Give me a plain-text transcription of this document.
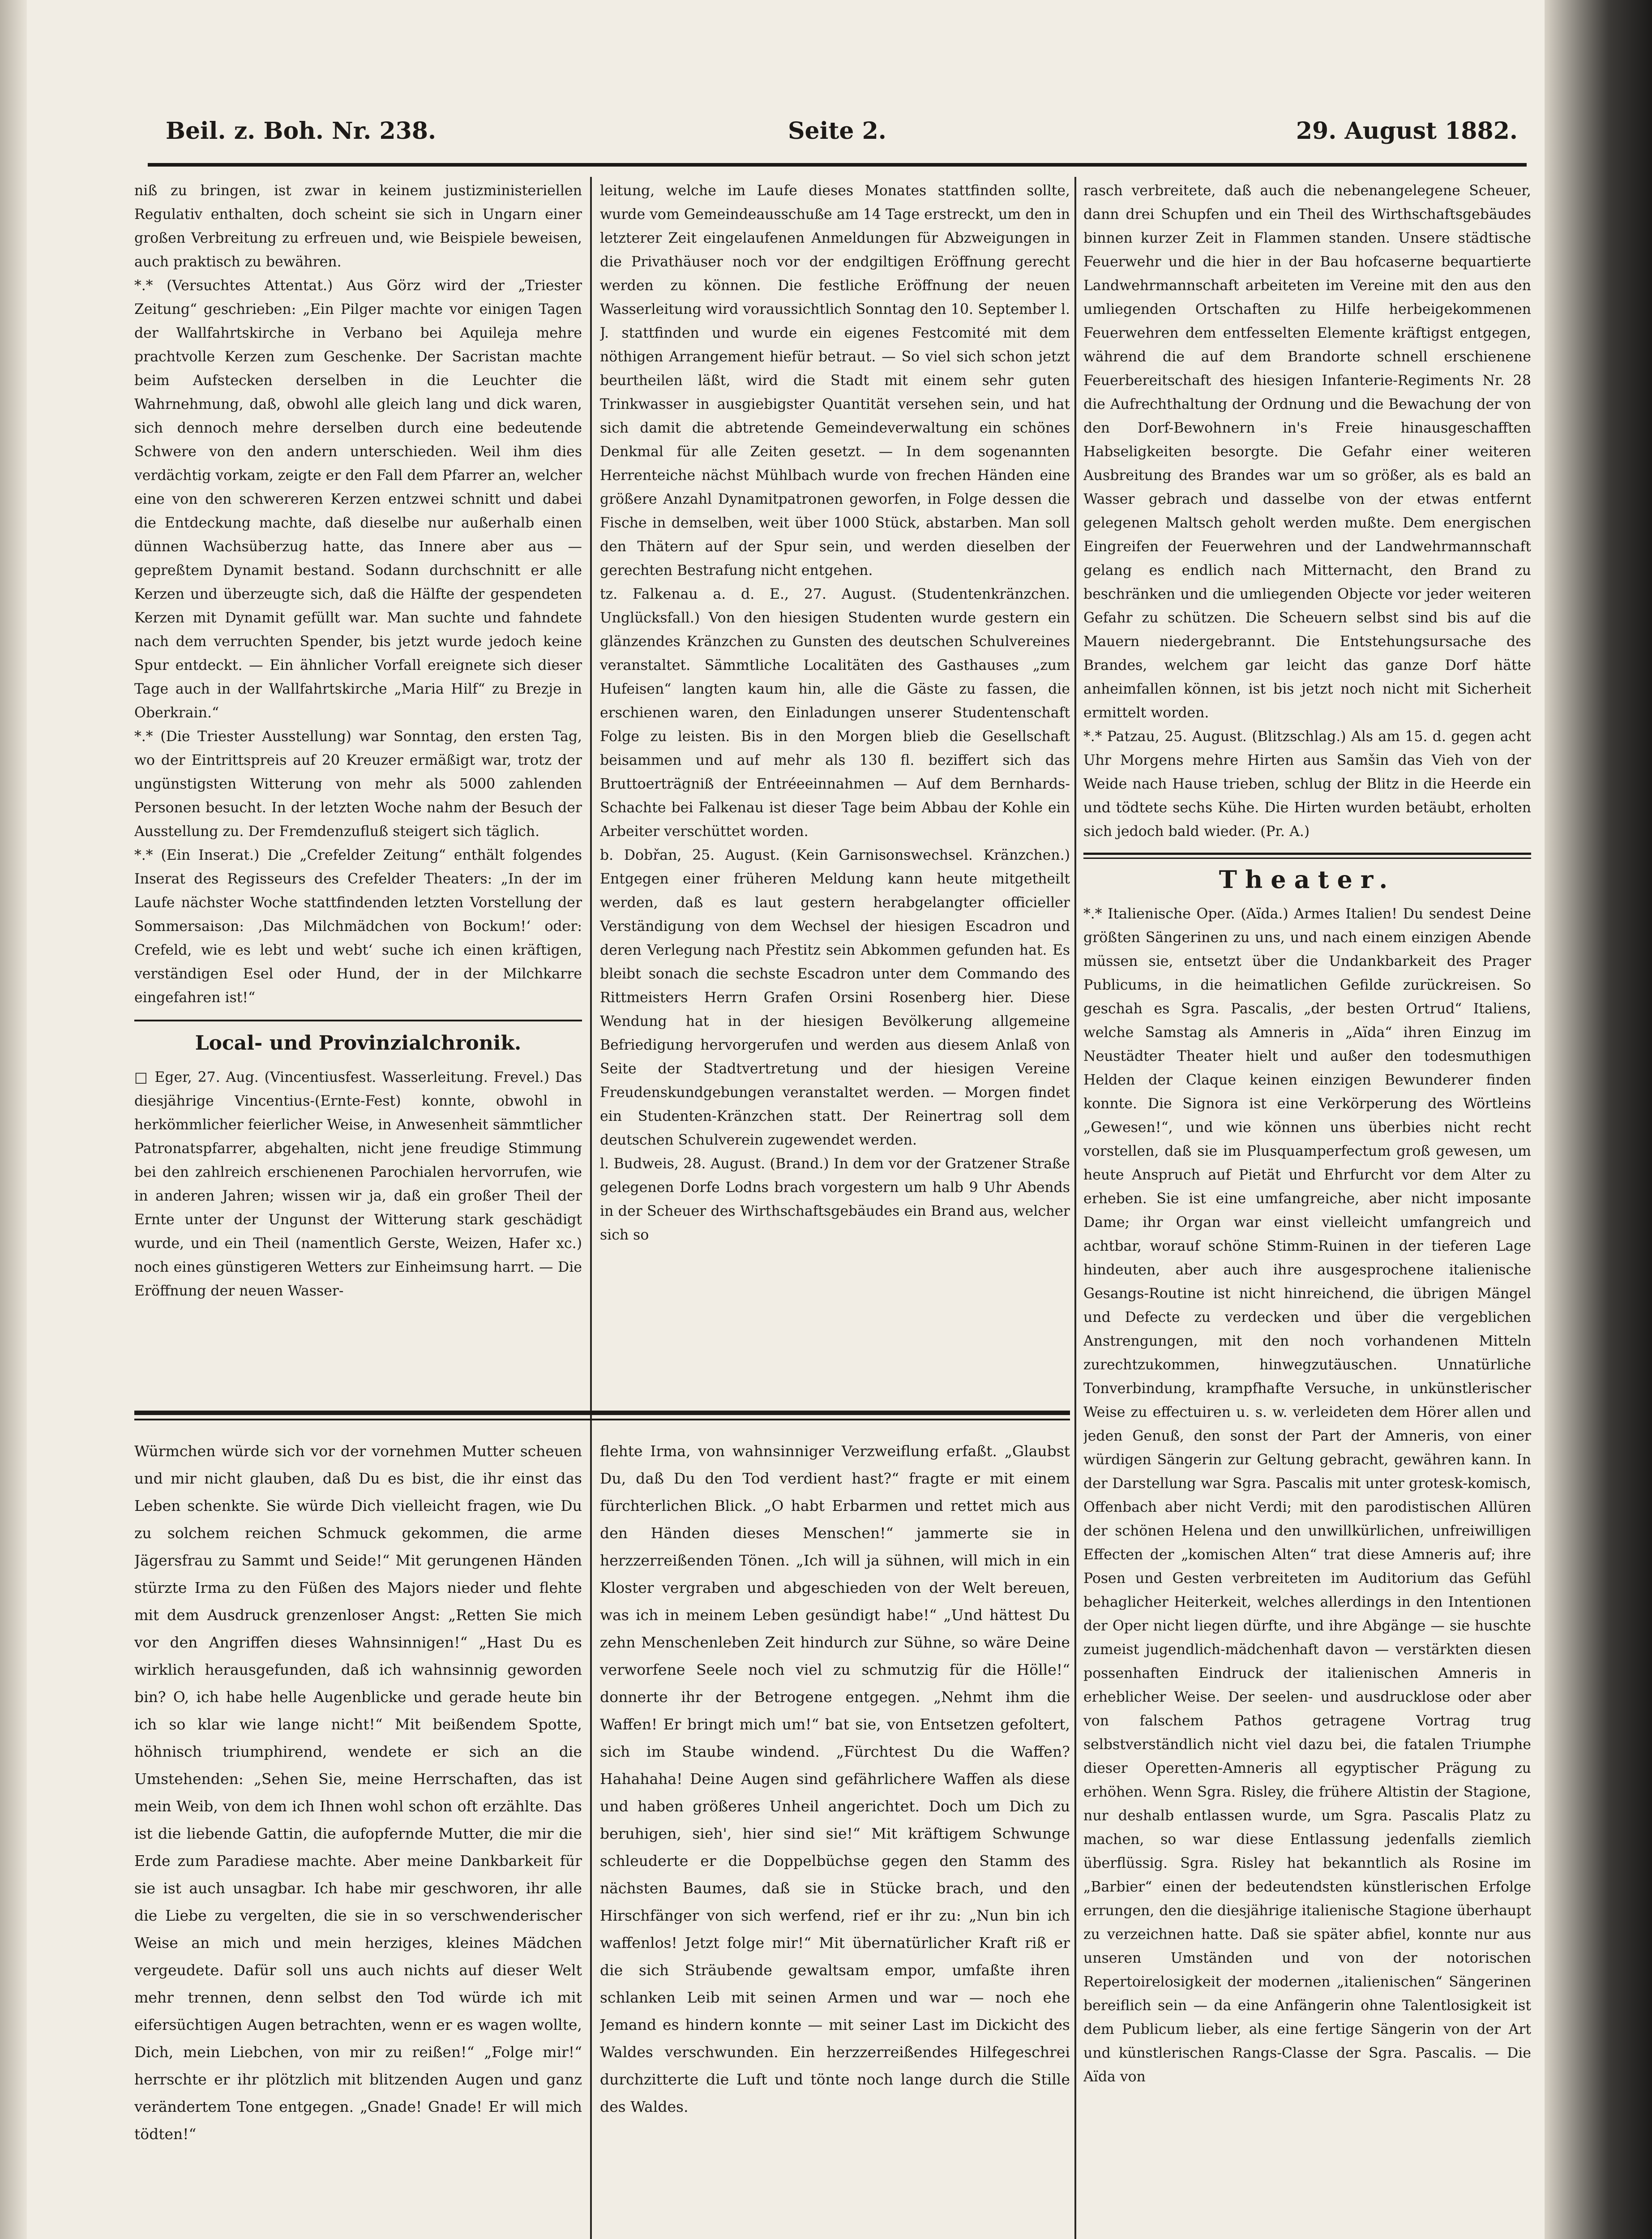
Beil. z. Boh. Nr. 238.	Seite 2.	29. August 1882.

niß zu bringen, ist zwar in keinem justizministeriellen Regulativ enthalten, doch scheint sie sich in Ungarn einer großen Verbreitung zu erfreuen und, wie Beispiele beweisen, auch praktisch zu bewähren.

*.* (Versuchtes Attentat.) Aus Görz wird der „Triester Zeitung“ geschrieben: „Ein Pilger machte vor einigen Tagen der Wallfahrtskirche in Verbano bei Aquileja mehre prachtvolle Kerzen zum Geschenke. Der Sacristan machte beim Aufstecken derselben in die Leuchter die Wahrnehmung, daß, obwohl alle gleich lang und dick waren, sich dennoch mehre derselben durch eine bedeutende Schwere von den andern unterschieden. Weil ihm dies verdächtig vorkam, zeigte er den Fall dem Pfarrer an, welcher eine von den schwereren Kerzen entzwei schnitt und dabei die Entdeckung machte, daß dieselbe nur außerhalb einen dünnen Wachsüberzug hatte, das Innere aber aus — gepreßtem Dynamit bestand. Sodann durchschnitt er alle Kerzen und überzeugte sich, daß die Hälfte der gespendeten Kerzen mit Dynamit gefüllt war. Man suchte und fahndete nach dem verruchten Spender, bis jetzt wurde jedoch keine Spur entdeckt. — Ein ähnlicher Vorfall ereignete sich dieser Tage auch in der Wallfahrtskirche „Maria Hilf“ zu Brezje in Oberkrain.“

*.* (Die Triester Ausstellung) war Sonntag, den ersten Tag, wo der Eintrittspreis auf 20 Kreuzer ermäßigt war, trotz der ungünstigsten Witterung von mehr als 5000 zahlenden Personen besucht. In der letzten Woche nahm der Besuch der Ausstellung zu. Der Fremdenzufluß steigert sich täglich.

*.* (Ein Inserat.) Die „Crefelder Zeitung“ enthält folgendes Inserat des Regisseurs des Crefelder Theaters: „In der im Laufe nächster Woche stattfindenden letzten Vorstellung der Sommersaison: ‚Das Milchmädchen von Bockum!‘ oder: Crefeld, wie es lebt und webt‘ suche ich einen kräftigen, verständigen Esel oder Hund, der in der Milchkarre eingefahren ist!“

Local- und Provinzialchronik.

□ Eger, 27. Aug. (Vincentiusfest. Wasserleitung. Frevel.) Das diesjährige Vincentius-(Ernte-Fest) konnte, obwohl in herkömmlicher feierlicher Weise, in Anwesenheit sämmtlicher Patronatspfarrer, abgehalten, nicht jene freudige Stimmung bei den zahlreich erschienenen Parochialen hervorrufen, wie in anderen Jahren; wissen wir ja, daß ein großer Theil der Ernte unter der Ungunst der Witterung stark geschädigt wurde, und ein Theil (namentlich Gerste, Weizen, Hafer xc.) noch eines günstigeren Wetters zur Einheimsung harrt. — Die Eröffnung der neuen Wasser-

leitung, welche im Laufe dieses Monates stattfinden sollte, wurde vom Gemeindeausschuße am 14 Tage erstreckt, um den in letzterer Zeit eingelaufenen Anmeldungen für Abzweigungen in die Privathäuser noch vor der endgiltigen Eröffnung gerecht werden zu können. Die festliche Eröffnung der neuen Wasserleitung wird voraussichtlich Sonntag den 10. September l. J. stattfinden und wurde ein eigenes Festcomité mit dem nöthigen Arrangement hiefür betraut. — So viel sich schon jetzt beurtheilen läßt, wird die Stadt mit einem sehr guten Trinkwasser in ausgiebigster Quantität versehen sein, und hat sich damit die abtretende Gemeindeverwaltung ein schönes Denkmal für alle Zeiten gesetzt. — In dem sogenannten Herrenteiche nächst Mühlbach wurde von frechen Händen eine größere Anzahl Dynamitpatronen geworfen, in Folge dessen die Fische in demselben, weit über 1000 Stück, abstarben. Man soll den Thätern auf der Spur sein, und werden dieselben der gerechten Bestrafung nicht entgehen.

tz. Falkenau a. d. E., 27. August. (Studentenkränzchen. Unglücksfall.) Von den hiesigen Studenten wurde gestern ein glänzendes Kränzchen zu Gunsten des deutschen Schulvereines veranstaltet. Sämmtliche Localitäten des Gasthauses „zum Hufeisen“ langten kaum hin, alle die Gäste zu fassen, die erschienen waren, den Einladungen unserer Studentenschaft Folge zu leisten. Bis in den Morgen blieb die Gesellschaft beisammen und auf mehr als 130 fl. beziffert sich das Bruttoerträgniß der Entréeeinnahmen — Auf dem Bernhards-Schachte bei Falkenau ist dieser Tage beim Abbau der Kohle ein Arbeiter verschüttet worden.

b. Dobřan, 25. August. (Kein Garnisonswechsel. Kränzchen.) Entgegen einer früheren Meldung kann heute mitgetheilt werden, daß es laut gestern herabgelangter officieller Verständigung von dem Wechsel der hiesigen Escadron und deren Verlegung nach Přestitz sein Abkommen gefunden hat. Es bleibt sonach die sechste Escadron unter dem Commando des Rittmeisters Herrn Grafen Orsini Rosenberg hier. Diese Wendung hat in der hiesigen Bevölkerung allgemeine Befriedigung hervorgerufen und werden aus diesem Anlaß von Seite der Stadtvertretung und der hiesigen Vereine Freudenskundgebungen veranstaltet werden. — Morgen findet ein Studenten-Kränzchen statt. Der Reinertrag soll dem deutschen Schulverein zugewendet werden.

l. Budweis, 28. August. (Brand.) In dem vor der Gratzener Straße gelegenen Dorfe Lodns brach vorgestern um halb 9 Uhr Abends in der Scheuer des Wirthschaftsgebäudes ein Brand aus, welcher sich so

rasch verbreitete, daß auch die nebenangelegene Scheuer, dann drei Schupfen und ein Theil des Wirthschaftsgebäudes binnen kurzer Zeit in Flammen standen. Unsere städtische Feuerwehr und die hier in der Bau hofcaserne bequartierte Landwehrmannschaft arbeiteten im Vereine mit den aus den umliegenden Ortschaften zu Hilfe herbeigekommenen Feuerwehren dem entfesselten Elemente kräftigst entgegen, während die auf dem Brandorte schnell erschienene Feuerbereitschaft des hiesigen Infanterie-Regiments Nr. 28 die Aufrechthaltung der Ordnung und die Bewachung der von den Dorf-Bewohnern in's Freie hinausgeschafften Habseligkeiten besorgte. Die Gefahr einer weiteren Ausbreitung des Brandes war um so größer, als es bald an Wasser gebrach und dasselbe von der etwas entfernt gelegenen Maltsch geholt werden mußte. Dem energischen Eingreifen der Feuerwehren und der Landwehrmannschaft gelang es endlich nach Mitternacht, den Brand zu beschränken und die umliegenden Objecte vor jeder weiteren Gefahr zu schützen. Die Scheuern selbst sind bis auf die Mauern niedergebrannt. Die Entstehungsursache des Brandes, welchem gar leicht das ganze Dorf hätte anheimfallen können, ist bis jetzt noch nicht mit Sicherheit ermittelt worden.

*.* Patzau, 25. August. (Blitzschlag.) Als am 15. d. gegen acht Uhr Morgens mehre Hirten aus Samšin das Vieh von der Weide nach Hause trieben, schlug der Blitz in die Heerde ein und tödtete sechs Kühe. Die Hirten wurden betäubt, erholten sich jedoch bald wieder. (Pr. A.)

Theater.

*.* Italienische Oper. (Aïda.) Armes Italien! Du sendest Deine größten Sängerinen zu uns, und nach einem einzigen Abende müssen sie, entsetzt über die Undankbarkeit des Prager Publicums, in die heimatlichen Gefilde zurückreisen. So geschah es Sgra. Pascalis, „der besten Ortrud“ Italiens, welche Samstag als Amneris in „Aïda“ ihren Einzug im Neustädter Theater hielt und außer den todesmuthigen Helden der Claque keinen einzigen Bewunderer finden konnte. Die Signora ist eine Verkörperung des Wörtleins „Gewesen!“, und wie können uns überbies nicht recht vorstellen, daß sie im Plusquamperfectum groß gewesen, um heute Anspruch auf Pietät und Ehrfurcht vor dem Alter zu erheben. Sie ist eine umfangreiche, aber nicht imposante Dame; ihr Organ war einst vielleicht umfangreich und achtbar, worauf schöne Stimm-Ruinen in der tieferen Lage hindeuten, aber auch ihre ausgesprochene italienische Gesangs-Routine ist nicht hinreichend, die übrigen Mängel und Defecte zu verdecken und über die vergeblichen Anstrengungen, mit den noch vorhandenen Mitteln zurechtzukommen, hinwegzutäuschen. Unnatürliche Tonverbindung, krampfhafte Versuche, in unkünstlerischer Weise zu effectuiren u. s. w. verleideten dem Hörer allen und jeden Genuß, den sonst der Part der Amneris, von einer würdigen Sängerin zur Geltung gebracht, gewähren kann. In der Darstellung war Sgra. Pascalis mit unter grotesk-komisch, Offenbach aber nicht Verdi; mit den parodistischen Allüren der schönen Helena und den unwillkürlichen, unfreiwilligen Effecten der „komischen Alten“ trat diese Amneris auf; ihre Posen und Gesten verbreiteten im Auditorium das Gefühl behaglicher Heiterkeit, welches allerdings in den Intentionen der Oper nicht liegen dürfte, und ihre Abgänge — sie huschte zumeist jugendlich-mädchenhaft davon — verstärkten diesen possenhaften Eindruck der italienischen Amneris in erheblicher Weise. Der seelen- und ausdrucklose oder aber von falschem Pathos getragene Vortrag trug selbstverständlich nicht viel dazu bei, die fatalen Triumphe dieser Operetten-Amneris all egyptischer Prägung zu erhöhen. Wenn Sgra. Risley, die frühere Altistin der Stagione, nur deshalb entlassen wurde, um Sgra. Pascalis Platz zu machen, so war diese Entlassung jedenfalls ziemlich überflüssig. Sgra. Risley hat bekanntlich als Rosine im „Barbier“ einen der bedeutendsten künstlerischen Erfolge errungen, den die diesjährige italienische Stagione überhaupt zu verzeichnen hatte. Daß sie später abfiel, konnte nur aus unseren Umständen und von der notorischen Repertoirelosigkeit der modernen „italienischen“ Sängerinen bereiflich sein — da eine Anfängerin ohne Talentlosigkeit ist dem Publicum lieber, als eine fertige Sängerin von der Art und künstlerischen Rangs-Classe der Sgra. Pascalis. — Die Aïda von

Würmchen würde sich vor der vornehmen Mutter scheuen und mir nicht glauben, daß Du es bist, die ihr einst das Leben schenkte. Sie würde Dich vielleicht fragen, wie Du zu solchem reichen Schmuck gekommen, die arme Jägersfrau zu Sammt und Seide!“ Mit gerungenen Händen stürzte Irma zu den Füßen des Majors nieder und flehte mit dem Ausdruck grenzenloser Angst: „Retten Sie mich vor den Angriffen dieses Wahnsinnigen!“ „Hast Du es wirklich herausgefunden, daß ich wahnsinnig geworden bin? O, ich habe helle Augenblicke und gerade heute bin ich so klar wie lange nicht!“ Mit beißendem Spotte, höhnisch triumphirend, wendete er sich an die Umstehenden: „Sehen Sie, meine Herrschaften, das ist mein Weib, von dem ich Ihnen wohl schon oft erzählte. Das ist die liebende Gattin, die aufopfernde Mutter, die mir die Erde zum Paradiese machte. Aber meine Dankbarkeit für sie ist auch unsagbar. Ich habe mir geschworen, ihr alle die Liebe zu vergelten, die sie in so verschwenderischer Weise an mich und mein herziges, kleines Mädchen vergeudete. Dafür soll uns auch nichts auf dieser Welt mehr trennen, denn selbst den Tod würde ich mit eifersüchtigen Augen betrachten, wenn er es wagen wollte, Dich, mein Liebchen, von mir zu reißen!“ „Folge mir!“ herrschte er ihr plötzlich mit blitzenden Augen und ganz verändertem Tone entgegen. „Gnade! Gnade! Er will mich tödten!“

flehte Irma, von wahnsinniger Verzweiflung erfaßt. „Glaubst Du, daß Du den Tod verdient hast?“ fragte er mit einem fürchterlichen Blick. „O habt Erbarmen und rettet mich aus den Händen dieses Menschen!“ jammerte sie in herzzerreißenden Tönen. „Ich will ja sühnen, will mich in ein Kloster vergraben und abgeschieden von der Welt bereuen, was ich in meinem Leben gesündigt habe!“ „Und hättest Du zehn Menschenleben Zeit hindurch zur Sühne, so wäre Deine verworfene Seele noch viel zu schmutzig für die Hölle!“ donnerte ihr der Betrogene entgegen. „Nehmt ihm die Waffen! Er bringt mich um!“ bat sie, von Entsetzen gefoltert, sich im Staube windend. „Fürchtest Du die Waffen? Hahahaha! Deine Augen sind gefährlichere Waffen als diese und haben größeres Unheil angerichtet. Doch um Dich zu beruhigen, sieh', hier sind sie!“ Mit kräftigem Schwunge schleuderte er die Doppelbüchse gegen den Stamm des nächsten Baumes, daß sie in Stücke brach, und den Hirschfänger von sich werfend, rief er ihr zu: „Nun bin ich waffenlos! Jetzt folge mir!“ Mit übernatürlicher Kraft riß er die sich Sträubende gewaltsam empor, umfaßte ihren schlanken Leib mit seinen Armen und war — noch ehe Jemand es hindern konnte — mit seiner Last im Dickicht des Waldes verschwunden. Ein herzzerreißendes Hilfegeschrei durchzitterte die Luft und tönte noch lange durch die Stille des Waldes.
